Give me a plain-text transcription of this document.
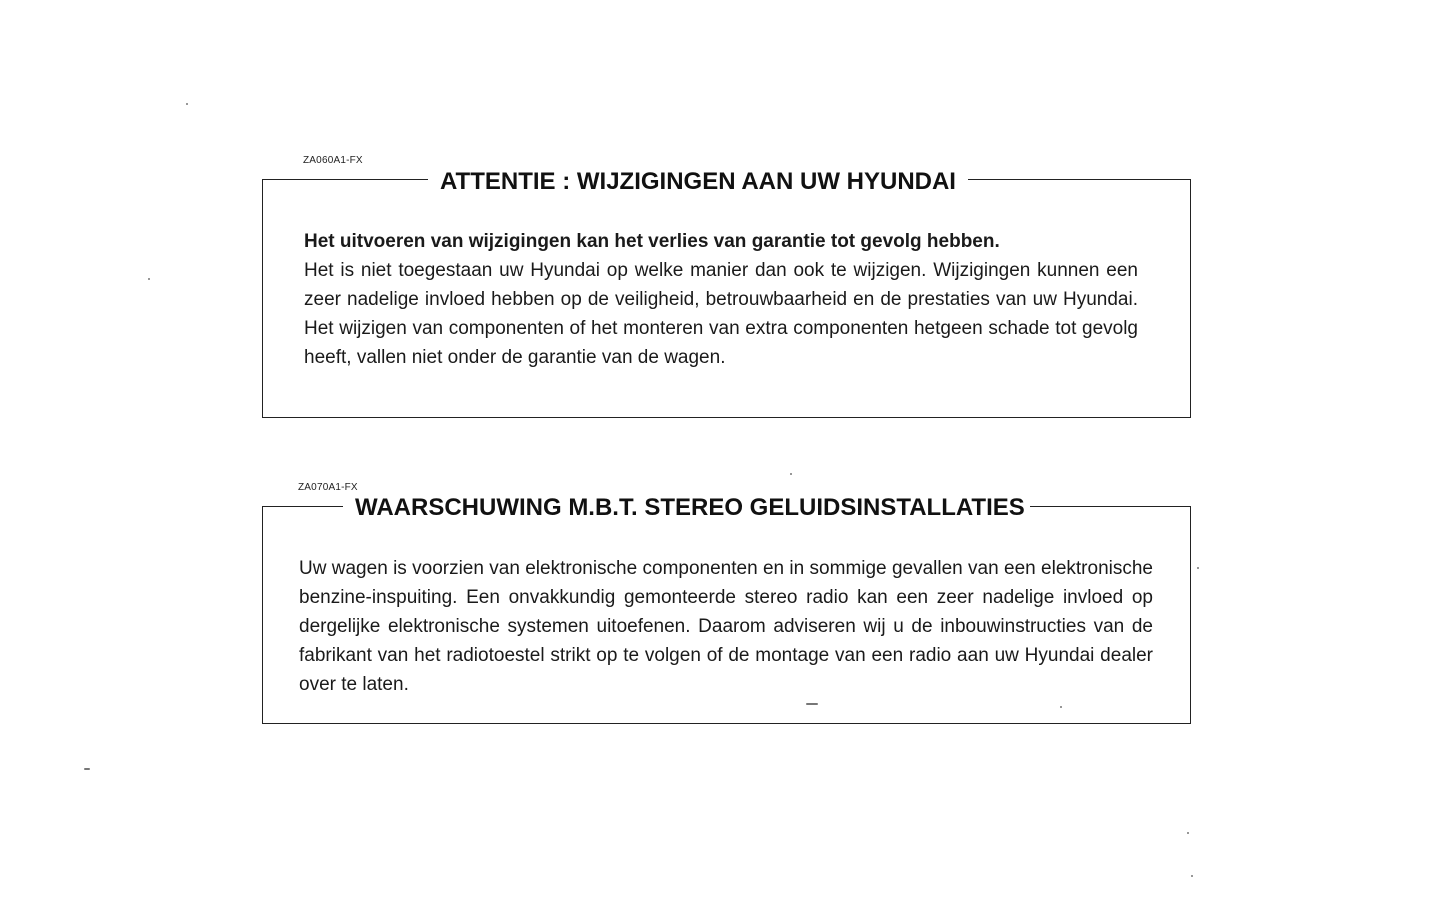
ZA060A1-FX
ATTENTIE : WIJZIGINGEN AAN UW HYUNDAI
Het uitvoeren van wijzigingen kan het verlies van garantie tot gevolg hebben.
Het is niet toegestaan uw Hyundai op welke manier dan ook te wijzigen. Wijzigingen kunnen een zeer nadelige invloed hebben op de veiligheid, betrouwbaarheid en de prestaties van uw Hyundai. Het wijzigen van componenten of het monteren van extra componenten hetgeen schade tot gevolg heeft, vallen niet onder de garantie van de wagen.
ZA070A1-FX
WAARSCHUWING M.B.T. STEREO GELUIDSINSTALLATIES
Uw wagen is voorzien van elektronische componenten en in sommige gevallen van een elektronische benzine-inspuiting. Een onvakkundig gemonteerde stereo radio kan een zeer nadelige invloed op dergelijke elektronische systemen uitoefenen. Daarom adviseren wij u de inbouwinstructies van de fabrikant van het radiotoestel strikt op te volgen of de montage van een radio aan uw Hyundai dealer over te laten.
